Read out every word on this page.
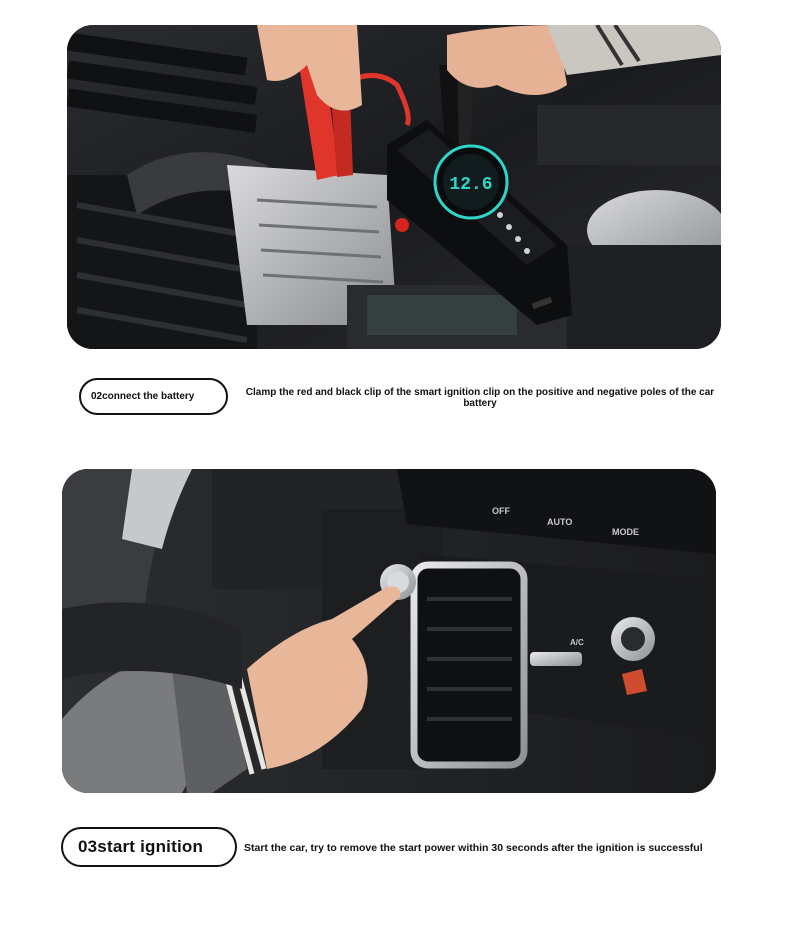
12.6
02connect the battery	Clamp the red and black clip of the smart ignition clip on the positive and negative poles of the car battery
OFF
AUTO
MODE
A/C
03start ignition	Start the car, try to remove the start power within 30 seconds after the ignition is successful
